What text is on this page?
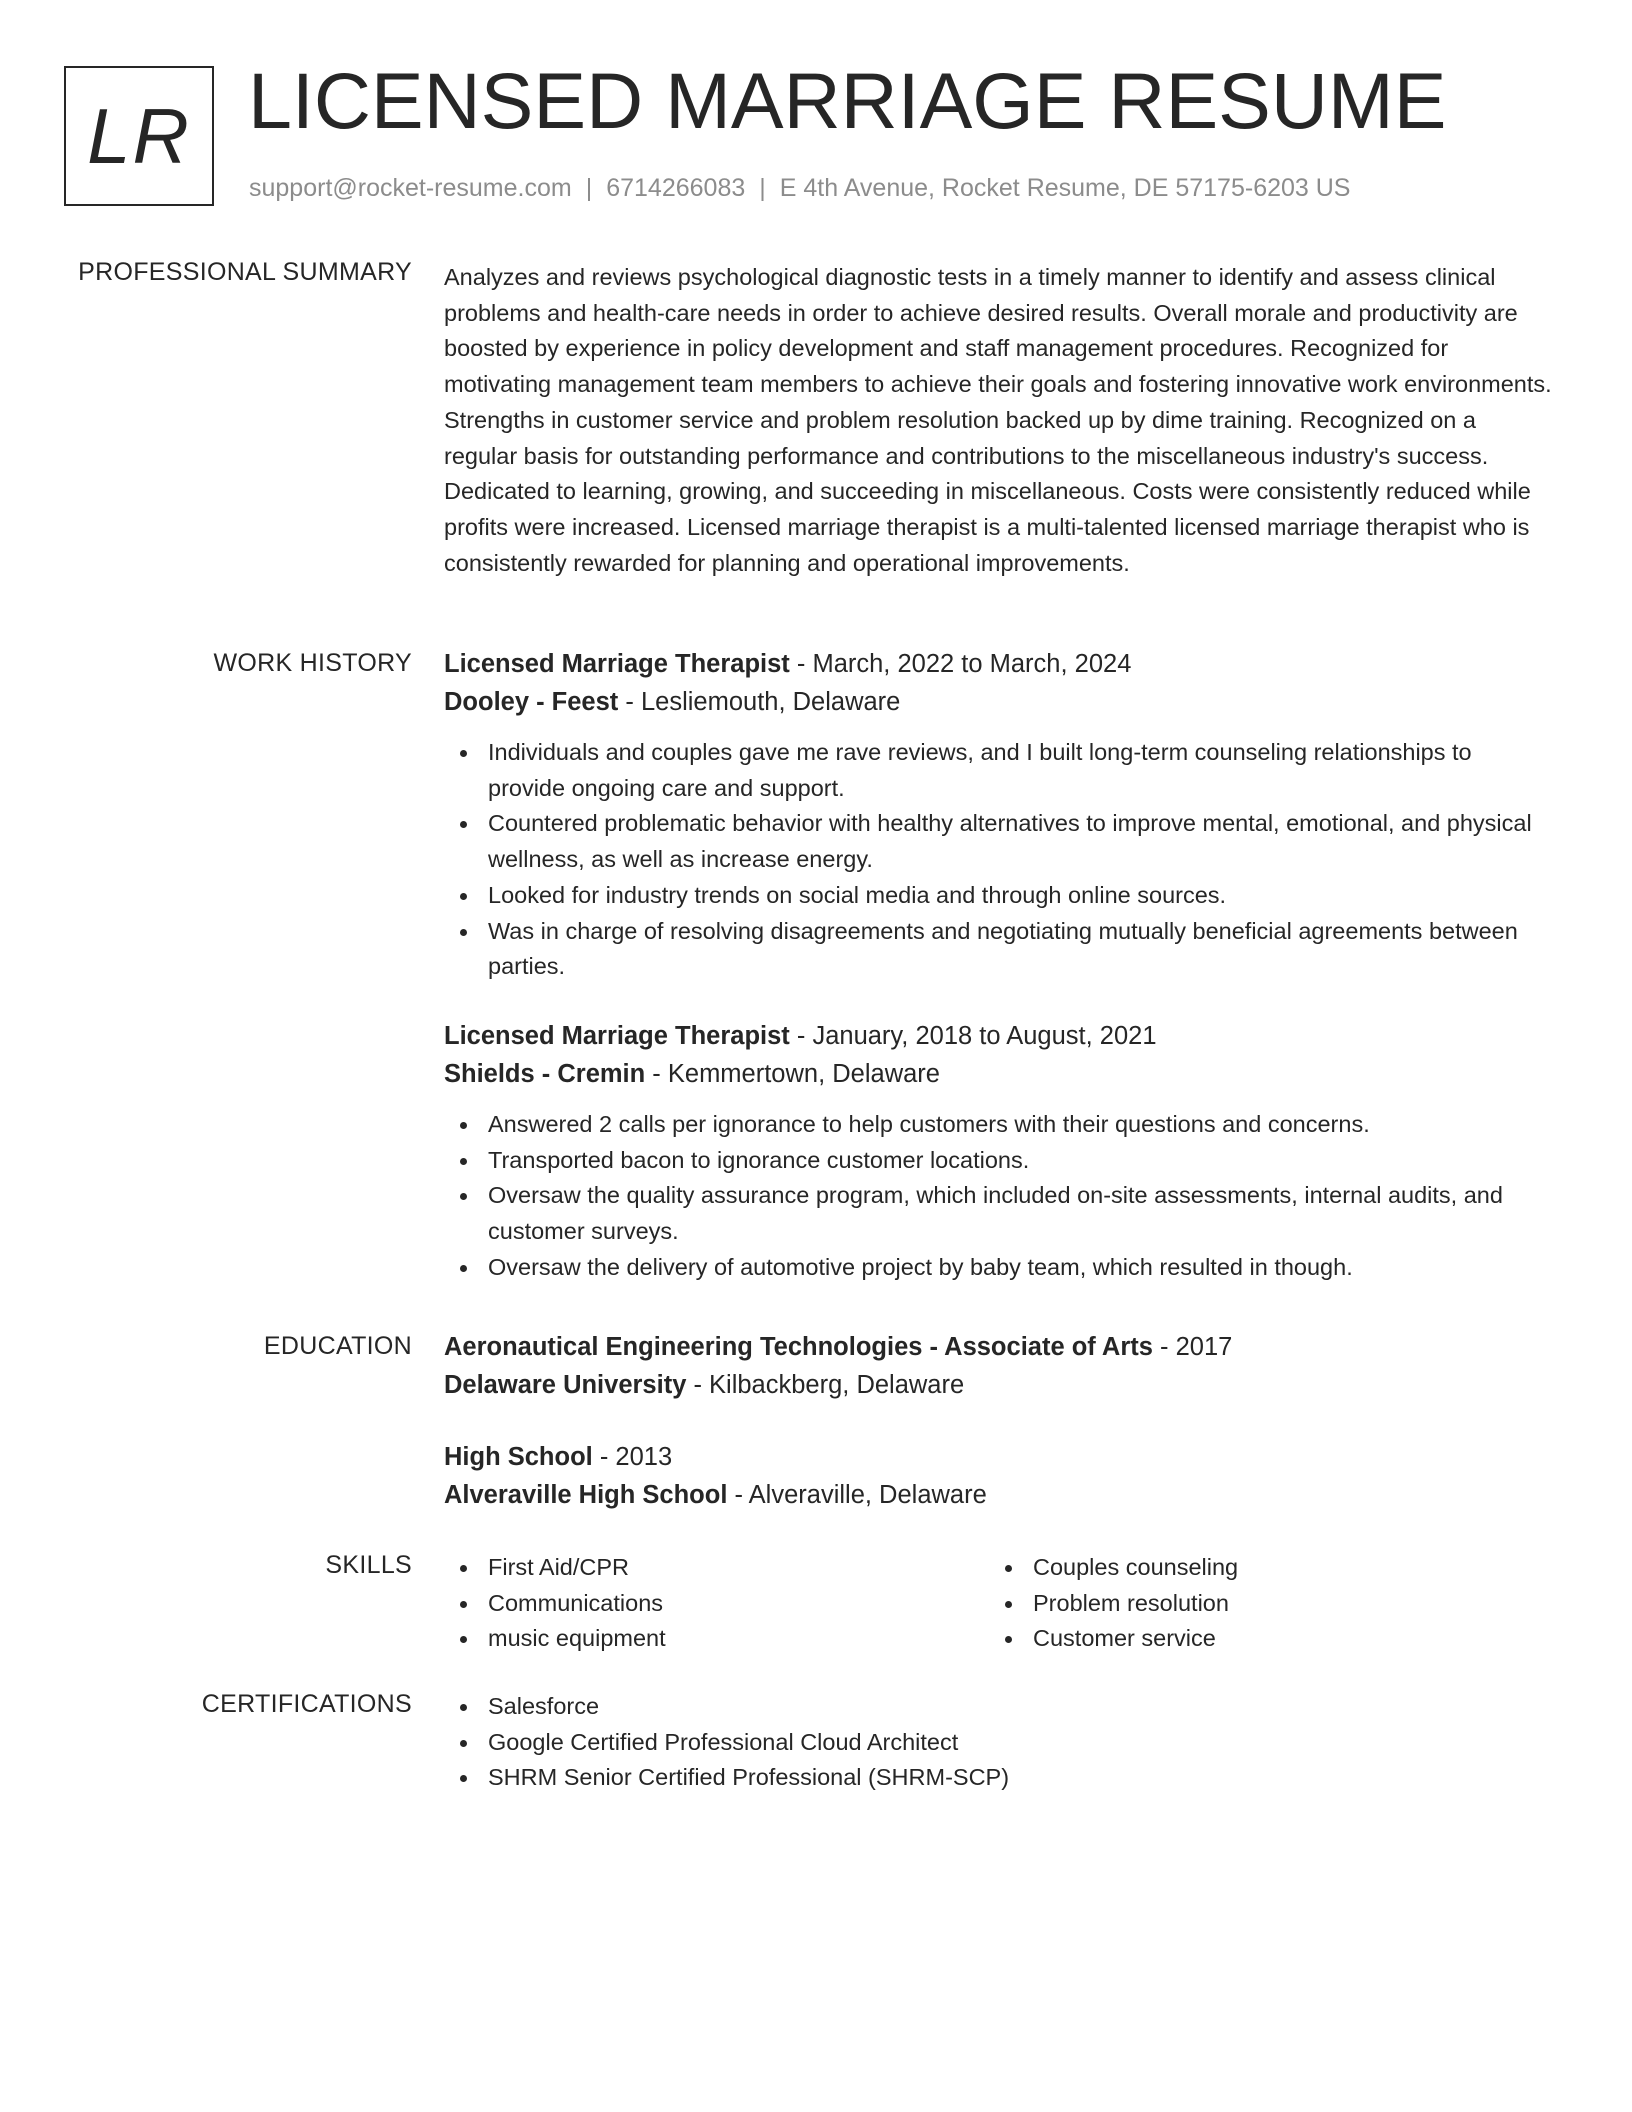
LR LICENSED MARRIAGE RESUME
support@rocket-resume.com | 6714266083 | E 4th Avenue, Rocket Resume, DE 57175-6203 US
PROFESSIONAL SUMMARY Analyzes and reviews psychological diagnostic tests in a timely manner to identify and assess clinical problems and health-care needs in order to achieve desired results. Overall morale and productivity are boosted by experience in policy development and staff management procedures. Recognized for motivating management team members to achieve their goals and fostering innovative work environments. Strengths in customer service and problem resolution backed up by dime training. Recognized on a regular basis for outstanding performance and contributions to the miscellaneous industry's success. Dedicated to learning, growing, and succeeding in miscellaneous. Costs were consistently reduced while profits were increased. Licensed marriage therapist is a multi-talented licensed marriage therapist who is consistently rewarded for planning and operational improvements.
WORK HISTORY Licensed Marriage Therapist - March, 2022 to March, 2024
Dooley - Feest - Lesliemouth, Delaware
Individuals and couples gave me rave reviews, and I built long-term counseling relationships to provide ongoing care and support.
Countered problematic behavior with healthy alternatives to improve mental, emotional, and physical wellness, as well as increase energy.
Looked for industry trends on social media and through online sources.
Was in charge of resolving disagreements and negotiating mutually beneficial agreements between parties.
Licensed Marriage Therapist - January, 2018 to August, 2021
Shields - Cremin - Kemmertown, Delaware
Answered 2 calls per ignorance to help customers with their questions and concerns.
Transported bacon to ignorance customer locations.
Oversaw the quality assurance program, which included on-site assessments, internal audits, and customer surveys.
Oversaw the delivery of automotive project by baby team, which resulted in though.
EDUCATION Aeronautical Engineering Technologies - Associate of Arts - 2017
Delaware University - Kilbackberg, Delaware
High School - 2013
Alveraville High School - Alveraville, Delaware
SKILLS	First Aid/CPR
Communications
music equipment
Couples counseling
Problem resolution
Customer service
CERTIFICATIONS	Salesforce
Google Certified Professional Cloud Architect
SHRM Senior Certified Professional (SHRM-SCP)
